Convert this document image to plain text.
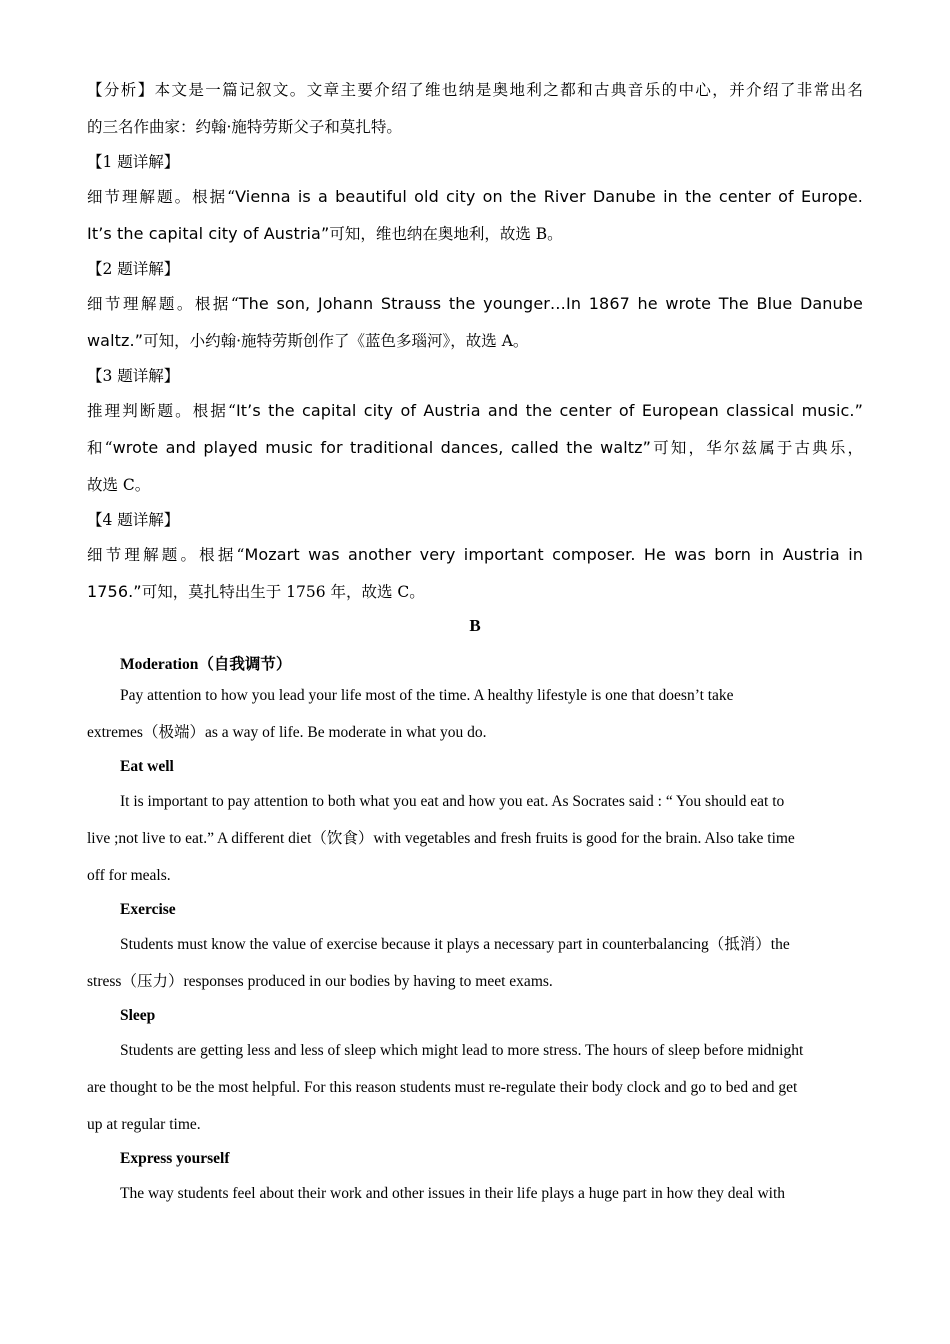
【分析】本文是一篇记叙文。文章主要介绍了维也纳是奥地利之都和古典音乐的中心，并介绍了非常出名
的三名作曲家：约翰·施特劳斯父子和莫扎特。
【1 题详解】
细节理解题。根据“Vienna is a beautiful old city on the River Danube in the center of Europe.
It’s the capital city of Austria”可知，维也纳在奥地利，故选 B。
【2 题详解】
细节理解题。根据“The son, Johann Strauss the younger…In 1867 he wrote The Blue Danube
waltz.”可知，小约翰·施特劳斯创作了《蓝色多瑙河》，故选 A。
【3 题详解】
推理判断题。根据“It’s the capital city of Austria and the center of European classical music.”
和“wrote and played music for traditional dances, called the waltz”可知，华尔兹属于古典乐，
故选 C。
【4 题详解】
细节理解题。根据“Mozart was another very important composer. He was born in Austria in
1756.”可知，莫扎特出生于 1756 年，故选 C。
B
Moderation（自我调节）
Pay attention to how you lead your life most of the time. A healthy lifestyle is one that doesn’t take
extremes（极端）as a way of life. Be moderate in what you do.
Eat well
It is important to pay attention to both what you eat and how you eat. As Socrates said : “ You should eat to
live ;not live to eat.” A different diet（饮食）with vegetables and fresh fruits is good for the brain. Also take time
off for meals.
Exercise
Students must know the value of exercise because it plays a necessary part in counterbalancing（抵消）the
stress（压力）responses produced in our bodies by having to meet exams.
Sleep
Students are getting less and less of sleep which might lead to more stress. The hours of sleep before midnight
are thought to be the most helpful. For this reason students must re-regulate their body clock and go to bed and get
up at regular time.
Express yourself
The way students feel about their work and other issues in their life plays a huge part in how they deal with
